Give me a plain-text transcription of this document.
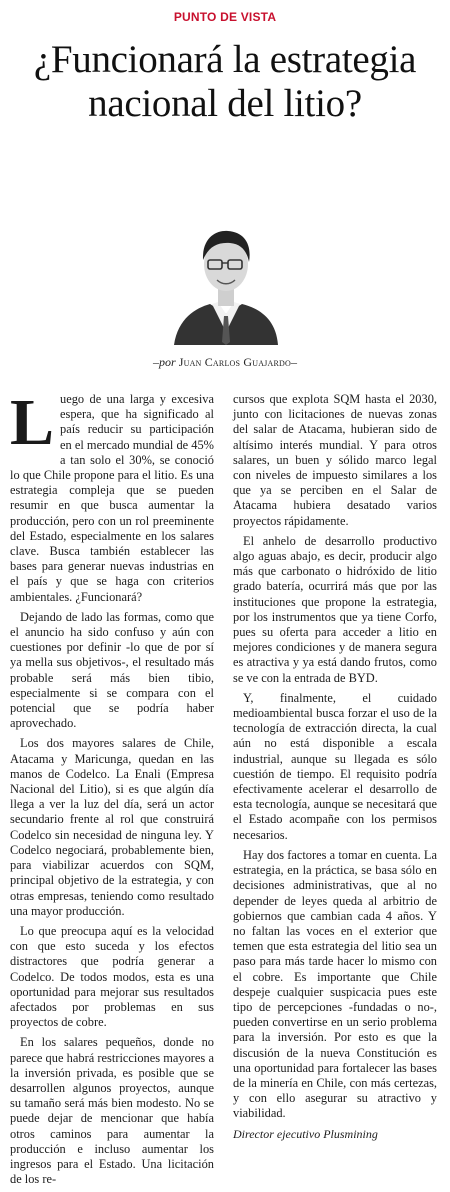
PUNTO DE VISTA
¿Funcionará la estrategia nacional del litio?
–por Juan Carlos Guajardo–

Luego de una larga y excesiva espera, que ha significado al país reducir su participación en el mercado mundial de 45% a tan solo el 30%, se conoció lo que Chile propone para el litio. Es una estrategia compleja que se pueden resumir en que busca aumentar la producción, pero con un rol preeminente del Estado, especialmente en los salares clave. Busca también establecer las bases para generar nuevas industrias en el país y que se haga con criterios ambientales. ¿Funcionará?

Dejando de lado las formas, como que el anuncio ha sido confuso y aún con cuestiones por definir -lo que de por sí ya mella sus objetivos-, el resultado más probable será más bien tibio, especialmente si se compara con el potencial que se podría haber aprovechado.

Los dos mayores salares de Chile, Atacama y Maricunga, quedan en las manos de Codelco. La Enali (Empresa Nacional del Litio), si es que algún día llega a ver la luz del día, será un actor secundario frente al rol que construirá Codelco sin necesidad de ninguna ley. Y Codelco negociará, probablemente bien, para viabilizar acuerdos con SQM, principal objetivo de la estrategia, y con otras empresas, teniendo como resultado una mayor producción.

Lo que preocupa aquí es la velocidad con que esto suceda y los efectos distractores que podría generar a Codelco. De todos modos, esta es una oportunidad para mejorar sus resultados afectados por problemas en sus proyectos de cobre.

En los salares pequeños, donde no parece que habrá restricciones mayores a la inversión privada, es posible que se desarrollen algunos proyectos, aunque su tamaño será más bien modesto. No se puede dejar de mencionar que había otros caminos para aumentar la producción e incluso aumentar los ingresos para el Estado. Una licitación de los re-

cursos que explota SQM hasta el 2030, junto con licitaciones de nuevas zonas del salar de Atacama, hubieran sido de altísimo interés mundial. Y para otros salares, un buen y sólido marco legal con niveles de impuesto similares a los que ya se perciben en el Salar de Atacama hubiera desatado varios proyectos rápidamente.

El anhelo de desarrollo productivo algo aguas abajo, es decir, producir algo más que carbonato o hidróxido de litio grado batería, ocurrirá más que por las instituciones que propone la estrategia, por los instrumentos que ya tiene Corfo, pues su oferta para acceder a litio en mejores condiciones y de manera segura es atractiva y ya está dando frutos, como se ve con la entrada de BYD.

Y, finalmente, el cuidado medioambiental busca forzar el uso de la tecnología de extracción directa, la cual aún no está disponible a escala industrial, aunque su llegada es sólo cuestión de tiempo. El requisito podría efectivamente acelerar el desarrollo de esta tecnología, aunque se necesitará que el Estado acompañe con los permisos necesarios.

Hay dos factores a tomar en cuenta. La estrategia, en la práctica, se basa sólo en decisiones administrativas, que al no depender de leyes queda al arbitrio de gobiernos que cambian cada 4 años. Y no faltan las voces en el exterior que temen que esta estrategia del litio sea un paso para más tarde hacer lo mismo con el cobre. Es importante que Chile despeje cualquier suspicacia pues este tipo de percepciones -fundadas o no-, pueden convertirse en un serio problema para la inversión. Por esto es que la discusión de la nueva Constitución es una oportunidad para fortalecer las bases de la minería en Chile, con más certezas, y con ello asegurar su atractivo y viabilidad.

Director ejecutivo Plusmining
